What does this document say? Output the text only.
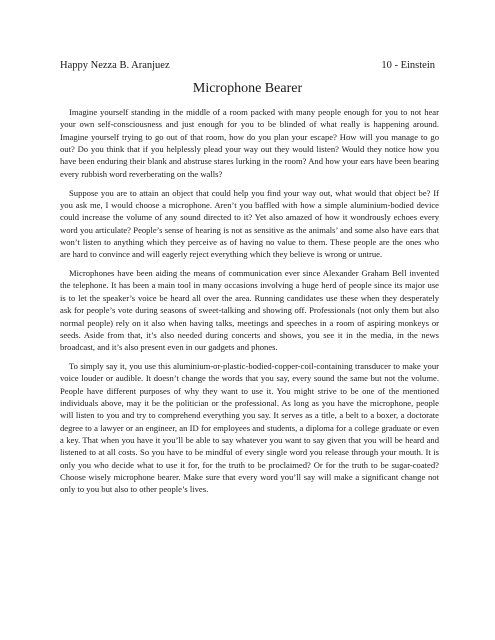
Happy Nezza B. Aranjuez	10 - Einstein
Microphone Bearer

Imagine yourself standing in the middle of a room packed with many people enough for you to not hear your own self-consciousness and just enough for you to be blinded of what really is happening around. Imagine yourself trying to go out of that room, how do you plan your escape? How will you manage to go out? Do you think that if you helplessly plead your way out they would listen? Would they notice how you have been enduring their blank and abstruse stares lurking in the room? And how your ears have been bearing every rubbish word reverberating on the walls?

Suppose you are to attain an object that could help you find your way out, what would that object be? If you ask me, I would choose a microphone. Aren’t you baffled with how a simple aluminium-bodied device could increase the volume of any sound directed to it? Yet also amazed of how it wondrously echoes every word you articulate? People’s sense of hearing is not as sensitive as the animals’ and some also have ears that won’t listen to anything which they perceive as of having no value to them. These people are the ones who are hard to convince and will eagerly reject everything which they believe is wrong or untrue.

Microphones have been aiding the means of communication ever since Alexander Graham Bell invented the telephone. It has been a main tool in many occasions involving a huge herd of people since its major use is to let the speaker’s voice be heard all over the area. Running candidates use these when they desperately ask for people’s vote during seasons of sweet-talking and showing off. Professionals (not only them but also normal people) rely on it also when having talks, meetings and speeches in a room of aspiring monkeys or seeds. Aside from that, it’s also needed during concerts and shows, you see it in the media, in the news broadcast, and it’s also present even in our gadgets and phones.

To simply say it, you use this aluminium-or-plastic-bodied-copper-coil-containing transducer to make your voice louder or audible. It doesn’t change the words that you say, every sound the same but not the volume. People have different purposes of why they want to use it. You might strive to be one of the mentioned individuals above, may it be the politician or the professional. As long as you have the microphone, people will listen to you and try to comprehend everything you say. It serves as a title, a belt to a boxer, a doctorate degree to a lawyer or an engineer, an ID for employees and students, a diploma for a college graduate or even a key. That when you have it you’ll be able to say whatever you want to say given that you will be heard and listened to at all costs. So you have to be mindful of every single word you release through your mouth. It is only you who decide what to use it for, for the truth to be proclaimed? Or for the truth to be sugar-coated? Choose wisely microphone bearer. Make sure that every word you’ll say will make a significant change not only to you but also to other people’s lives.
